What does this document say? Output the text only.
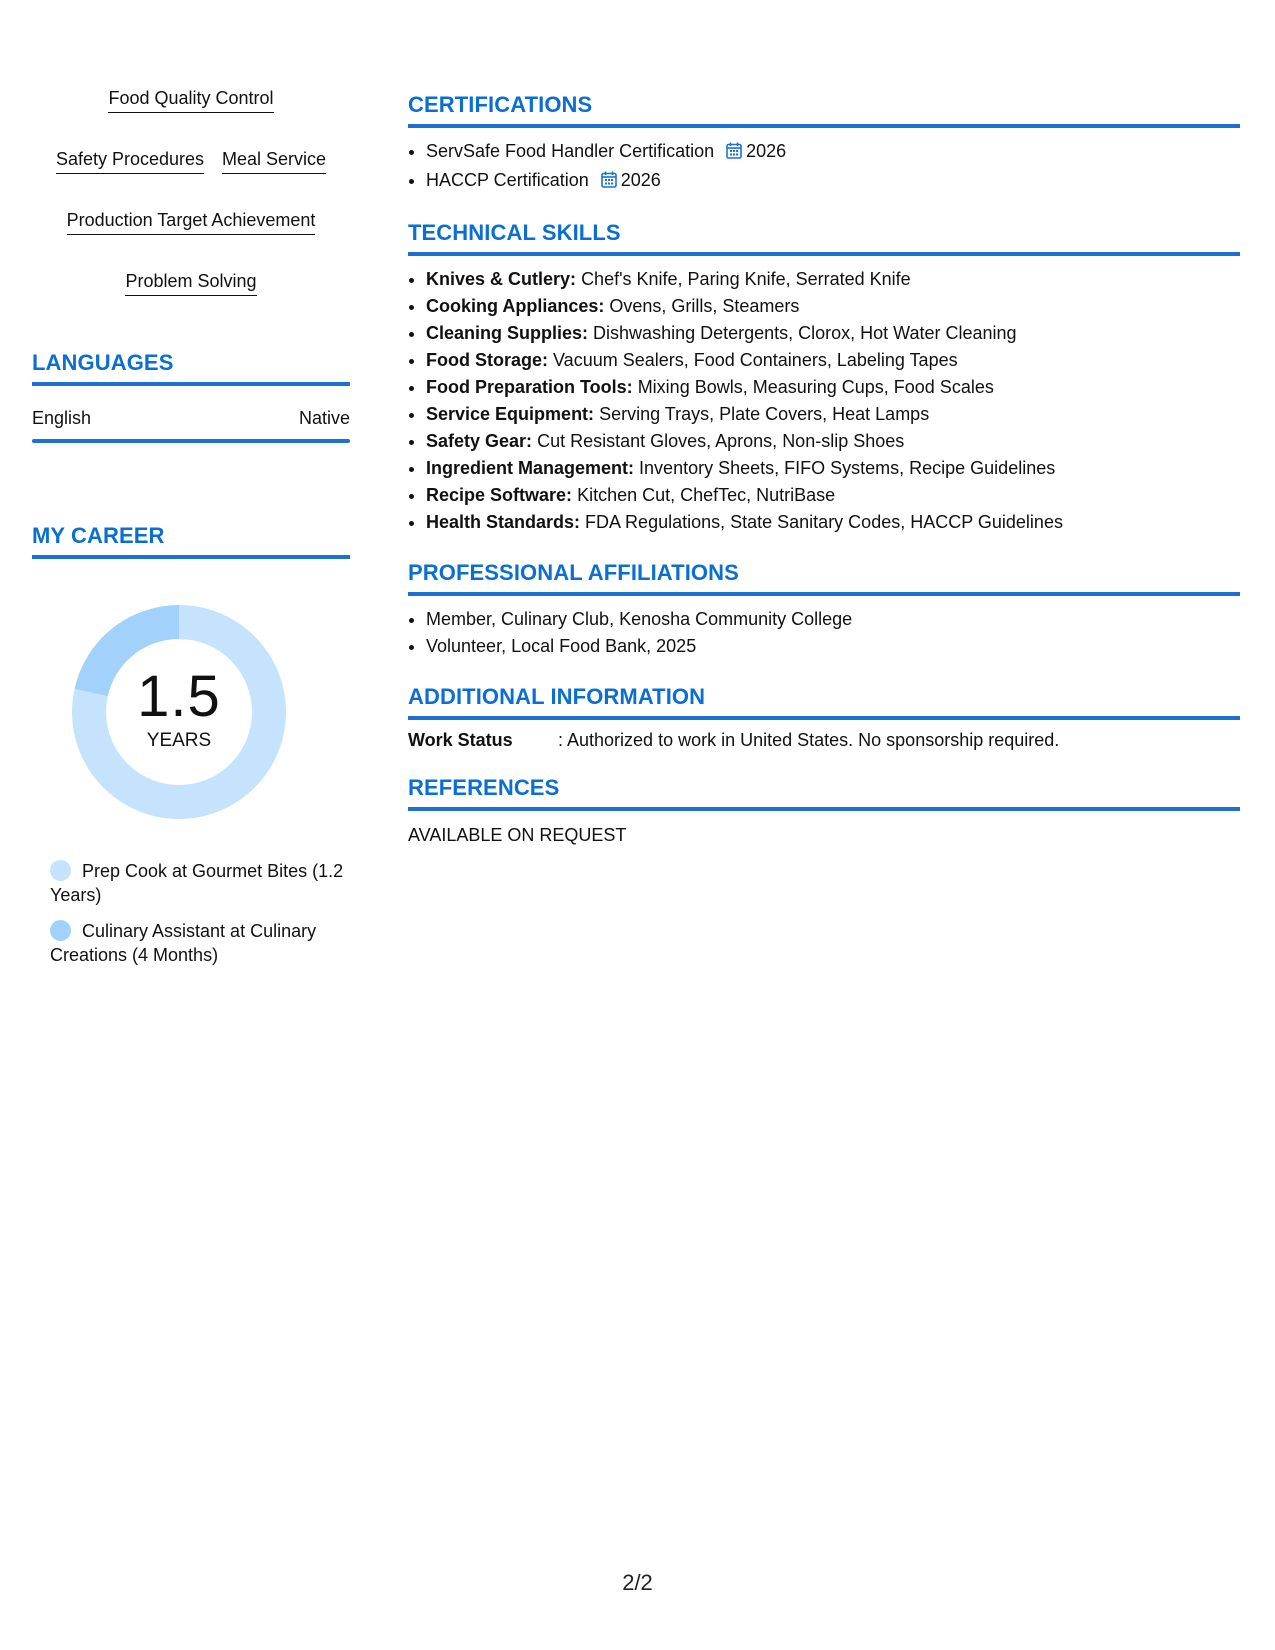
Food Quality Control
Safety Procedures Meal Service
Production Target Achievement
Problem Solving
LANGUAGES
English	Native
MY CAREER
1.5
YEARS
Prep Cook at Gourmet Bites (1.2 Years)
Culinary Assistant at Culinary Creations (4 Months)
CERTIFICATIONS
• ServSafe Food Handler Certification 2026
• HACCP Certification 2026
TECHNICAL SKILLS
• Knives & Cutlery: Chef's Knife, Paring Knife, Serrated Knife
• Cooking Appliances: Ovens, Grills, Steamers
• Cleaning Supplies: Dishwashing Detergents, Clorox, Hot Water Cleaning
• Food Storage: Vacuum Sealers, Food Containers, Labeling Tapes
• Food Preparation Tools: Mixing Bowls, Measuring Cups, Food Scales
• Service Equipment: Serving Trays, Plate Covers, Heat Lamps
• Safety Gear: Cut Resistant Gloves, Aprons, Non-slip Shoes
• Ingredient Management: Inventory Sheets, FIFO Systems, Recipe Guidelines
• Recipe Software: Kitchen Cut, ChefTec, NutriBase
• Health Standards: FDA Regulations, State Sanitary Codes, HACCP Guidelines
PROFESSIONAL AFFILIATIONS
• Member, Culinary Club, Kenosha Community College
• Volunteer, Local Food Bank, 2025
ADDITIONAL INFORMATION
Work Status	: Authorized to work in United States. No sponsorship required.
REFERENCES
AVAILABLE ON REQUEST
2/2
